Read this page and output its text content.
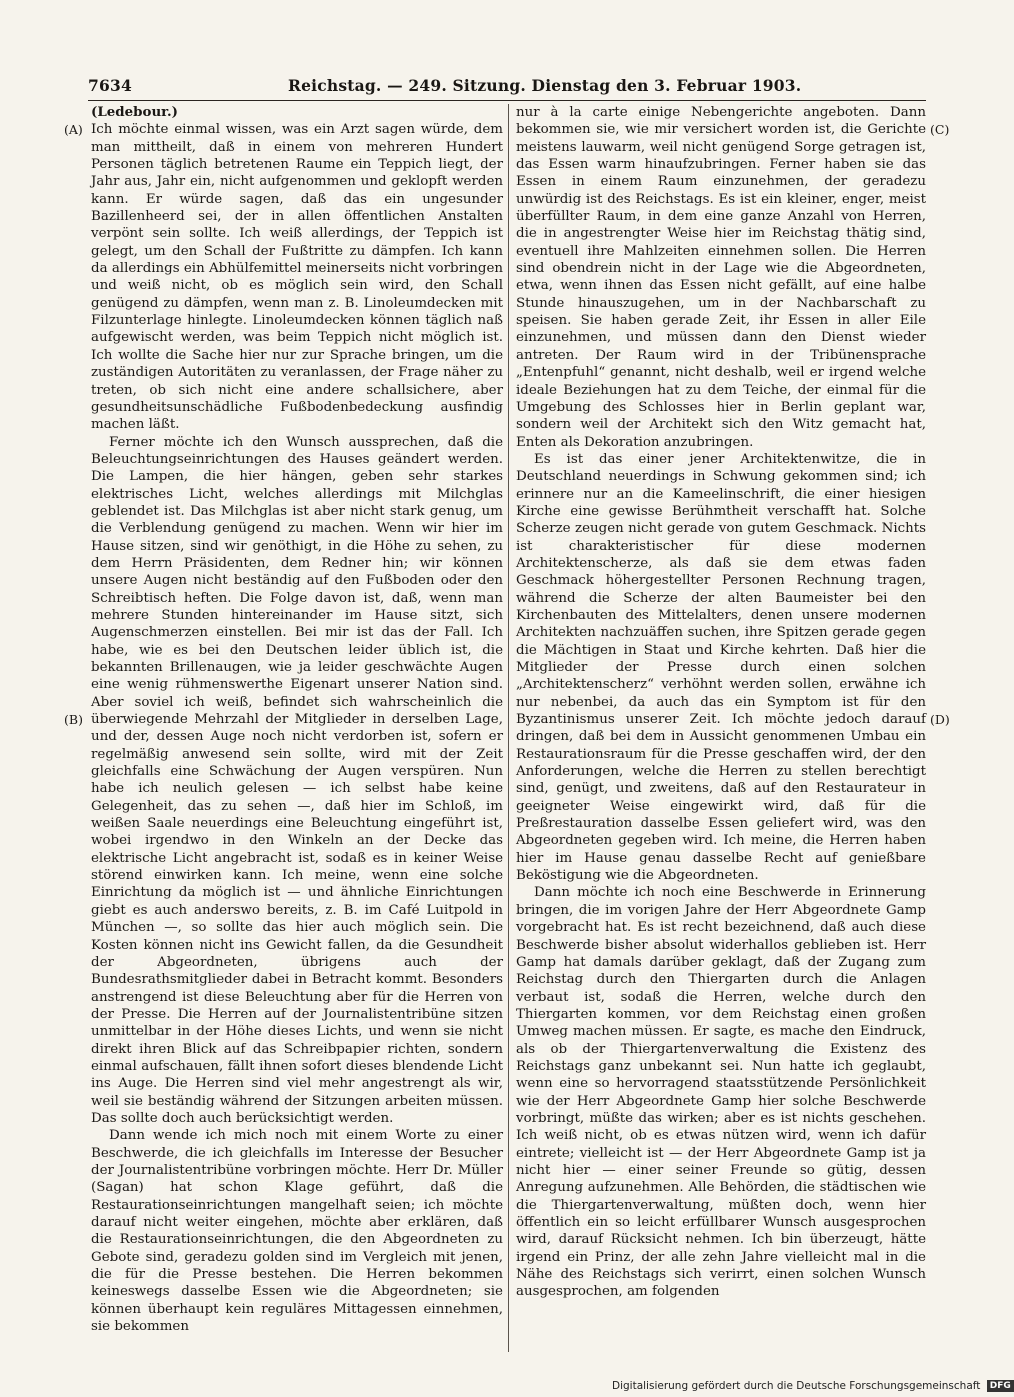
7634	Reichstag. — 249. Sitzung. Dienstag den 3. Februar 1903.
(A)
(B)
(C)
(D)

(Ledebour.)

Ich möchte einmal wissen, was ein Arzt sagen würde, dem man mittheilt, daß in einem von mehreren Hundert Personen täglich betretenen Raume ein Teppich liegt, der Jahr aus, Jahr ein, nicht aufgenommen und geklopft werden kann. Er würde sagen, daß das ein ungesunder Bazillenheerd sei, der in allen öffentlichen Anstalten verpönt sein sollte. Ich weiß allerdings, der Teppich ist gelegt, um den Schall der Fußtritte zu dämpfen. Ich kann da allerdings ein Abhülfemittel meinerseits nicht vorbringen und weiß nicht, ob es möglich sein wird, den Schall genügend zu dämpfen, wenn man z. B. Linoleumdecken mit Filzunterlage hinlegte. Linoleumdecken können täglich naß aufgewischt werden, was beim Teppich nicht möglich ist. Ich wollte die Sache hier nur zur Sprache bringen, um die zuständigen Autoritäten zu veranlassen, der Frage näher zu treten, ob sich nicht eine andere schallsichere, aber gesundheitsunschädliche Fußbodenbedeckung ausfindig machen läßt.

Ferner möchte ich den Wunsch aussprechen, daß die Beleuchtungseinrichtungen des Hauses geändert werden. Die Lampen, die hier hängen, geben sehr starkes elektrisches Licht, welches allerdings mit Milchglas geblendet ist. Das Milchglas ist aber nicht stark genug, um die Verblendung genügend zu machen. Wenn wir hier im Hause sitzen, sind wir genöthigt, in die Höhe zu sehen, zu dem Herrn Präsidenten, dem Redner hin; wir können unsere Augen nicht beständig auf den Fußboden oder den Schreibtisch heften. Die Folge davon ist, daß, wenn man mehrere Stunden hintereinander im Hause sitzt, sich Augenschmerzen einstellen. Bei mir ist das der Fall. Ich habe, wie es bei den Deutschen leider üblich ist, die bekannten Brillenaugen, wie ja leider geschwächte Augen eine wenig rühmenswerthe Eigenart unserer Nation sind. Aber soviel ich weiß, befindet sich wahrscheinlich die überwiegende Mehrzahl der Mitglieder in derselben Lage, und der, dessen Auge noch nicht verdorben ist, sofern er regelmäßig anwesend sein sollte, wird mit der Zeit gleichfalls eine Schwächung der Augen verspüren. Nun habe ich neulich gelesen — ich selbst habe keine Gelegenheit, das zu sehen —, daß hier im Schloß, im weißen Saale neuerdings eine Beleuchtung eingeführt ist, wobei irgendwo in den Winkeln an der Decke das elektrische Licht angebracht ist, sodaß es in keiner Weise störend einwirken kann. Ich meine, wenn eine solche Einrichtung da möglich ist — und ähnliche Einrichtungen giebt es auch anderswo bereits, z. B. im Café Luitpold in München —, so sollte das hier auch möglich sein. Die Kosten können nicht ins Gewicht fallen, da die Gesundheit der Abgeordneten, übrigens auch der Bundesrathsmitglieder dabei in Betracht kommt. Besonders anstrengend ist diese Beleuchtung aber für die Herren von der Presse. Die Herren auf der Journalistentribüne sitzen unmittelbar in der Höhe dieses Lichts, und wenn sie nicht direkt ihren Blick auf das Schreibpapier richten, sondern einmal aufschauen, fällt ihnen sofort dieses blendende Licht ins Auge. Die Herren sind viel mehr angestrengt als wir, weil sie beständig während der Sitzungen arbeiten müssen. Das sollte doch auch berücksichtigt werden.

Dann wende ich mich noch mit einem Worte zu einer Beschwerde, die ich gleichfalls im Interesse der Besucher der Journalistentribüne vorbringen möchte. Herr Dr. Müller (Sagan) hat schon Klage geführt, daß die Restaurationseinrichtungen mangelhaft seien; ich möchte darauf nicht weiter eingehen, möchte aber erklären, daß die Restaurationseinrichtungen, die den Abgeordneten zu Gebote sind, geradezu golden sind im Vergleich mit jenen, die für die Presse bestehen. Die Herren bekommen keineswegs dasselbe Essen wie die Abgeordneten; sie können überhaupt kein reguläres Mittagessen einnehmen, sie bekommen

nur à la carte einige Nebengerichte angeboten. Dann bekommen sie, wie mir versichert worden ist, die Gerichte meistens lauwarm, weil nicht genügend Sorge getragen ist, das Essen warm hinaufzubringen. Ferner haben sie das Essen in einem Raum einzunehmen, der geradezu unwürdig ist des Reichstags. Es ist ein kleiner, enger, meist überfüllter Raum, in dem eine ganze Anzahl von Herren, die in angestrengter Weise hier im Reichstag thätig sind, eventuell ihre Mahlzeiten einnehmen sollen. Die Herren sind obendrein nicht in der Lage wie die Abgeordneten, etwa, wenn ihnen das Essen nicht gefällt, auf eine halbe Stunde hinauszugehen, um in der Nachbarschaft zu speisen. Sie haben gerade Zeit, ihr Essen in aller Eile einzunehmen, und müssen dann den Dienst wieder antreten. Der Raum wird in der Tribünensprache „Entenpfuhl“ genannt, nicht deshalb, weil er irgend welche ideale Beziehungen hat zu dem Teiche, der einmal für die Umgebung des Schlosses hier in Berlin geplant war, sondern weil der Architekt sich den Witz gemacht hat, Enten als Dekoration anzubringen.

Es ist das einer jener Architektenwitze, die in Deutschland neuerdings in Schwung gekommen sind; ich erinnere nur an die Kameelinschrift, die einer hiesigen Kirche eine gewisse Berühmtheit verschafft hat. Solche Scherze zeugen nicht gerade von gutem Geschmack. Nichts ist charakteristischer für diese modernen Architektenscherze, als daß sie dem etwas faden Geschmack höhergestellter Personen Rechnung tragen, während die Scherze der alten Baumeister bei den Kirchenbauten des Mittelalters, denen unsere modernen Architekten nachzuäffen suchen, ihre Spitzen gerade gegen die Mächtigen in Staat und Kirche kehrten. Daß hier die Mitglieder der Presse durch einen solchen „Architektenscherz“ verhöhnt werden sollen, erwähne ich nur nebenbei, da auch das ein Symptom ist für den Byzantinismus unserer Zeit. Ich möchte jedoch darauf dringen, daß bei dem in Aussicht genommenen Umbau ein Restaurationsraum für die Presse geschaffen wird, der den Anforderungen, welche die Herren zu stellen berechtigt sind, genügt, und zweitens, daß auf den Restaurateur in geeigneter Weise eingewirkt wird, daß für die Preßrestauration dasselbe Essen geliefert wird, was den Abgeordneten gegeben wird. Ich meine, die Herren haben hier im Hause genau dasselbe Recht auf genießbare Beköstigung wie die Abgeordneten.

Dann möchte ich noch eine Beschwerde in Erinnerung bringen, die im vorigen Jahre der Herr Abgeordnete Gamp vorgebracht hat. Es ist recht bezeichnend, daß auch diese Beschwerde bisher absolut widerhallos geblieben ist. Herr Gamp hat damals darüber geklagt, daß der Zugang zum Reichstag durch den Thiergarten durch die Anlagen verbaut ist, sodaß die Herren, welche durch den Thiergarten kommen, vor dem Reichstag einen großen Umweg machen müssen. Er sagte, es mache den Eindruck, als ob der Thiergartenverwaltung die Existenz des Reichstags ganz unbekannt sei. Nun hatte ich geglaubt, wenn eine so hervorragend staatsstützende Persönlichkeit wie der Herr Abgeordnete Gamp hier solche Beschwerde vorbringt, müßte das wirken; aber es ist nichts geschehen. Ich weiß nicht, ob es etwas nützen wird, wenn ich dafür eintrete; vielleicht ist — der Herr Abgeordnete Gamp ist ja nicht hier — einer seiner Freunde so gütig, dessen Anregung aufzunehmen. Alle Behörden, die städtischen wie die Thiergartenverwaltung, müßten doch, wenn hier öffentlich ein so leicht erfüllbarer Wunsch ausgesprochen wird, darauf Rücksicht nehmen. Ich bin überzeugt, hätte irgend ein Prinz, der alle zehn Jahre vielleicht mal in die Nähe des Reichstags sich verirrt, einen solchen Wunsch ausgesprochen, am folgenden

Digitalisierung gefördert durch die Deutsche Forschungsgemeinschaft DFG
